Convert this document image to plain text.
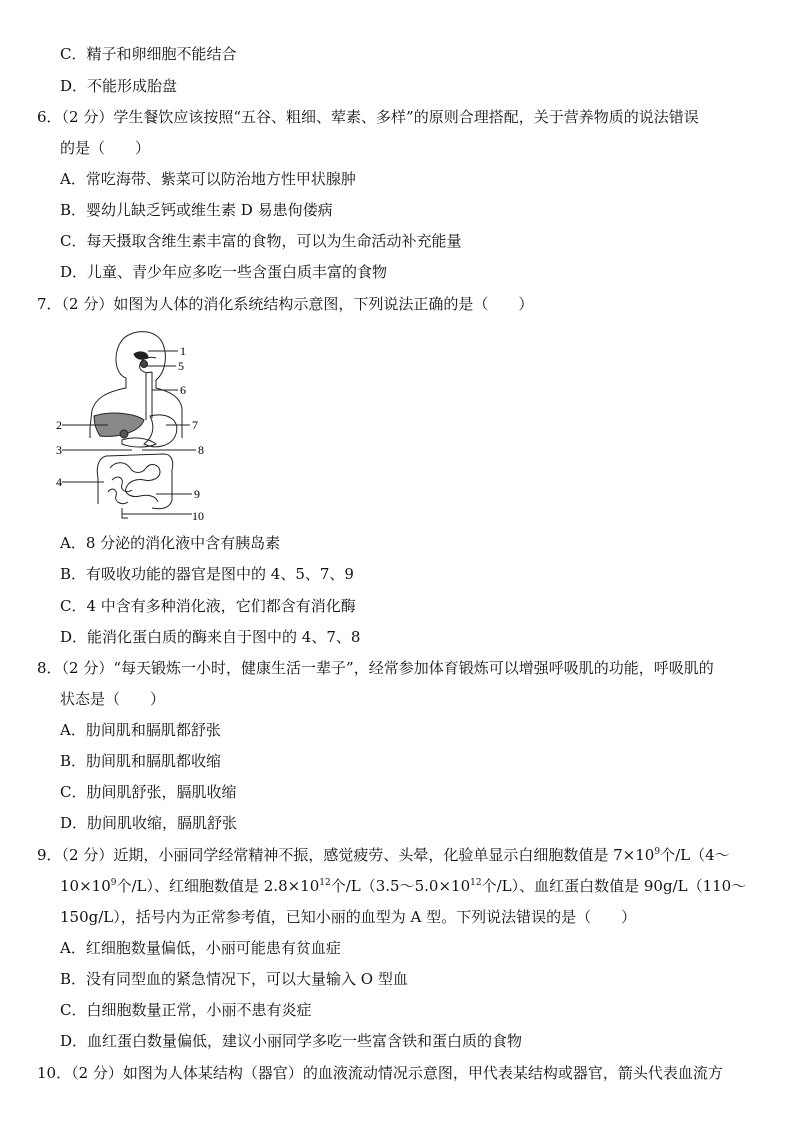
C．精子和卵细胞不能结合
D．不能形成胎盘
6．（2 分）学生餐饮应该按照“五谷、粗细、荤素、多样”的原则合理搭配，关于营养物质的说法错误
的是（　　）
A．常吃海带、紫菜可以防治地方性甲状腺肿
B．婴幼儿缺乏钙或维生素 D 易患佝偻病
C．每天摄取含维生素丰富的食物，可以为生命活动补充能量
D．儿童、青少年应多吃一些含蛋白质丰富的食物
7．（2 分）如图为人体的消化系统结构示意图，下列说法正确的是（　　）
1
5
6
2	7
3	8
4
9
10
A．8 分泌的消化液中含有胰岛素
B．有吸收功能的器官是图中的 4、5、7、9
C．4 中含有多种消化液，它们都含有消化酶
D．能消化蛋白质的酶来自于图中的 4、7、8
8．（2 分）“每天锻炼一小时，健康生活一辈子”，经常参加体育锻炼可以增强呼吸肌的功能，呼吸肌的
状态是（　　）
A．肋间肌和膈肌都舒张
B．肋间肌和膈肌都收缩
C．肋间肌舒张，膈肌收缩
D．肋间肌收缩，膈肌舒张
9．（2 分）近期，小丽同学经常精神不振，感觉疲劳、头晕，化验单显示白细胞数值是 $7\times 10^9$个/L（4～
$10\times 10^9$个/L）、红细胞数值是 $2.8\times 10^{12}$个$/L(3.5\sim 5.0\times 10^{12}$个/L）、血红蛋白数值是 90g/L（110～
150g/L），括号内为正常参考值，已知小丽的血型为 A 型。下列说法错误的是（　　）
A．红细胞数量偏低，小丽可能患有贫血症
B．没有同型血的紧急情况下，可以大量输入 O 型血
C．白细胞数量正常，小丽不患有炎症
D．血红蛋白数量偏低，建议小丽同学多吃一些富含铁和蛋白质的食物
10．（2 分）如图为人体某结构（器官）的血液流动情况示意图，甲代表某结构或器官，箭头代表血流方
